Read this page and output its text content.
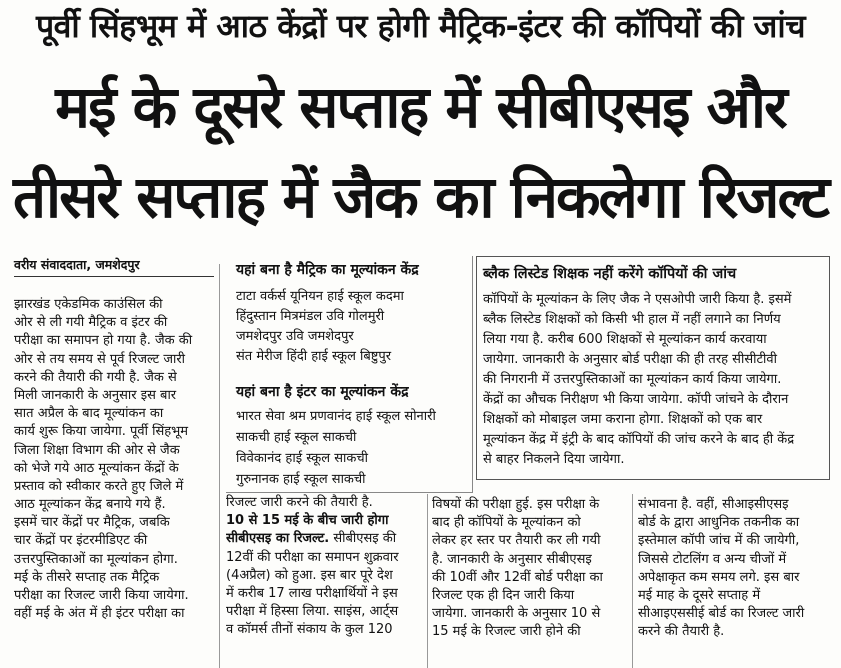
पूर्वी सिंहभूम में आठ केंद्रों पर होगी मैट्रिक-इंटर की कॉपियों की जांच
मई के दूसरे सप्ताह में सीबीएसइ और
तीसरे सप्ताह में जैक का निकलेगा रिजल्ट
वरीय संवाददाता, जमशेदपुर
झारखंड एकेडमिक काउंसिल की
ओर से ली गयी मैट्रिक व इंटर की
परीक्षा का समापन हो गया है. जैक की
ओर से तय समय से पूर्व रिजल्ट जारी
करने की तैयारी की गयी है. जैक से
मिली जानकारी के अनुसार इस बार
सात अप्रैल के बाद मूल्यांकन का
कार्य शुरू किया जायेगा. पूर्वी सिंहभूम
जिला शिक्षा विभाग की ओर से जैक
को भेजे गये आठ मूल्यांकन केंद्रों के
प्रस्ताव को स्वीकार करते हुए जिले में
आठ मूल्यांकन केंद्र बनाये गये हैं.
इसमें चार केंद्रों पर मैट्रिक, जबकि
चार केंद्रों पर इंटरमीडिएट की
उत्तरपुस्तिकाओं का मूल्यांकन होगा.
मई के तीसरे सप्ताह तक मैट्रिक
परीक्षा का रिजल्ट जारी किया जायेगा.
वहीं मई के अंत में ही इंटर परीक्षा का
यहां बना है मैट्रिक का मूल्यांकन केंद्र
टाटा वर्कर्स यूनियन हाई स्कूल कदमा
हिंदुस्तान मित्रमंडल उवि गोलमुरी
जमशेदपुर उवि जमशेदपुर
संत मेरीज हिंदी हाई स्कूल बिष्टुपुर
यहां बना है इंटर का मूल्यांकन केंद्र
भारत सेवा श्रम प्रणवानंद हाई स्कूल सोनारी
साकची हाई स्कूल साकची
विवेकानंद हाई स्कूल साकची
गुरुनानक हाई स्कूल साकची
ब्लैक लिस्टेड शिक्षक नहीं करेंगे कॉपियों की जांच
कॉपियों के मूल्यांकन के लिए जैक ने एसओपी जारी किया है. इसमें
ब्लैक लिस्टेड शिक्षकों को किसी भी हाल में नहीं लगाने का निर्णय
लिया गया है. करीब 600 शिक्षकों से मूल्यांकन कार्य करवाया
जायेगा. जानकारी के अनुसार बोर्ड परीक्षा की ही तरह सीसीटीवी
की निगरानी में उत्तरपुस्तिकाओं का मूल्यांकन कार्य किया जायेगा.
केंद्रों का औचक निरीक्षण भी किया जायेगा. कॉपी जांचने के दौरान
शिक्षकों को मोबाइल जमा कराना होगा. शिक्षकों को एक बार
मूल्यांकन केंद्र में इंट्री के बाद कॉपियों की जांच करने के बाद ही केंद्र
से बाहर निकलने दिया जायेगा.
रिजल्ट जारी करने की तैयारी है.
10 से 15 मई के बीच जारी होगा
सीबीएसइ का रिजल्ट. सीबीएसइ की
12वीं की परीक्षा का समापन शुक्रवार
(4अप्रैल) को हुआ. इस बार पूरे देश
में करीब 17 लाख परीक्षार्थियों ने इस
परीक्षा में हिस्सा लिया. साइंस, आर्ट्स
व कॉमर्स तीनों संकाय के कुल 120
विषयों की परीक्षा हुई. इस परीक्षा के
बाद ही कॉपियों के मूल्यांकन को
लेकर हर स्तर पर तैयारी कर ली गयी
है. जानकारी के अनुसार सीबीएसइ
की 10वीं और 12वीं बोर्ड परीक्षा का
रिजल्ट एक ही दिन जारी किया
जायेगा. जानकारी के अनुसार 10 से
15 मई के रिजल्ट जारी होने की
संभावना है. वहीं, सीआइसीएसइ
बोर्ड के द्वारा आधुनिक तकनीक का
इस्तेमाल कॉपी जांच में की जायेगी,
जिससे टोटलिंग व अन्य चीजों में
अपेक्षाकृत कम समय लगे. इस बार
मई माह के दूसरे सप्ताह में
सीआइएससीई बोर्ड का रिजल्ट जारी
करने की तैयारी है.
